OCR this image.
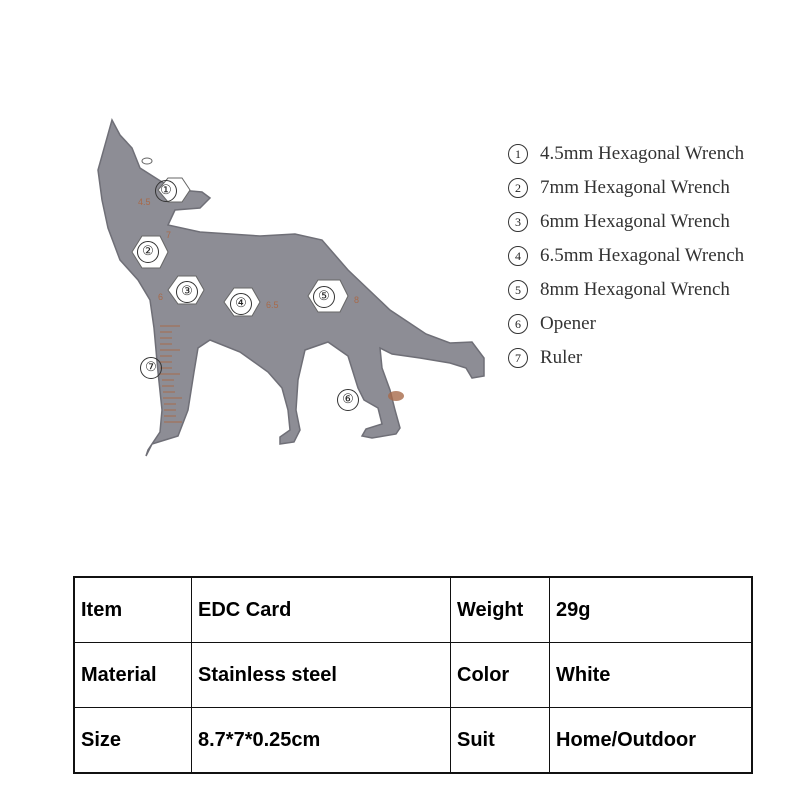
4.5
7
6
6.5	8
①
②
③
④	⑤
⑥
⑦
1	4.5mm Hexagonal Wrench
2	7mm Hexagonal Wrench
3	6mm Hexagonal Wrench
4	6.5mm Hexagonal Wrench
5	8mm Hexagonal Wrench
6	Opener
7	Ruler
Item	EDC Card	Weight	29g
Material	Stainless steel	Color	White
Size	8.7*7*0.25cm	Suit	Home/Outdoor
